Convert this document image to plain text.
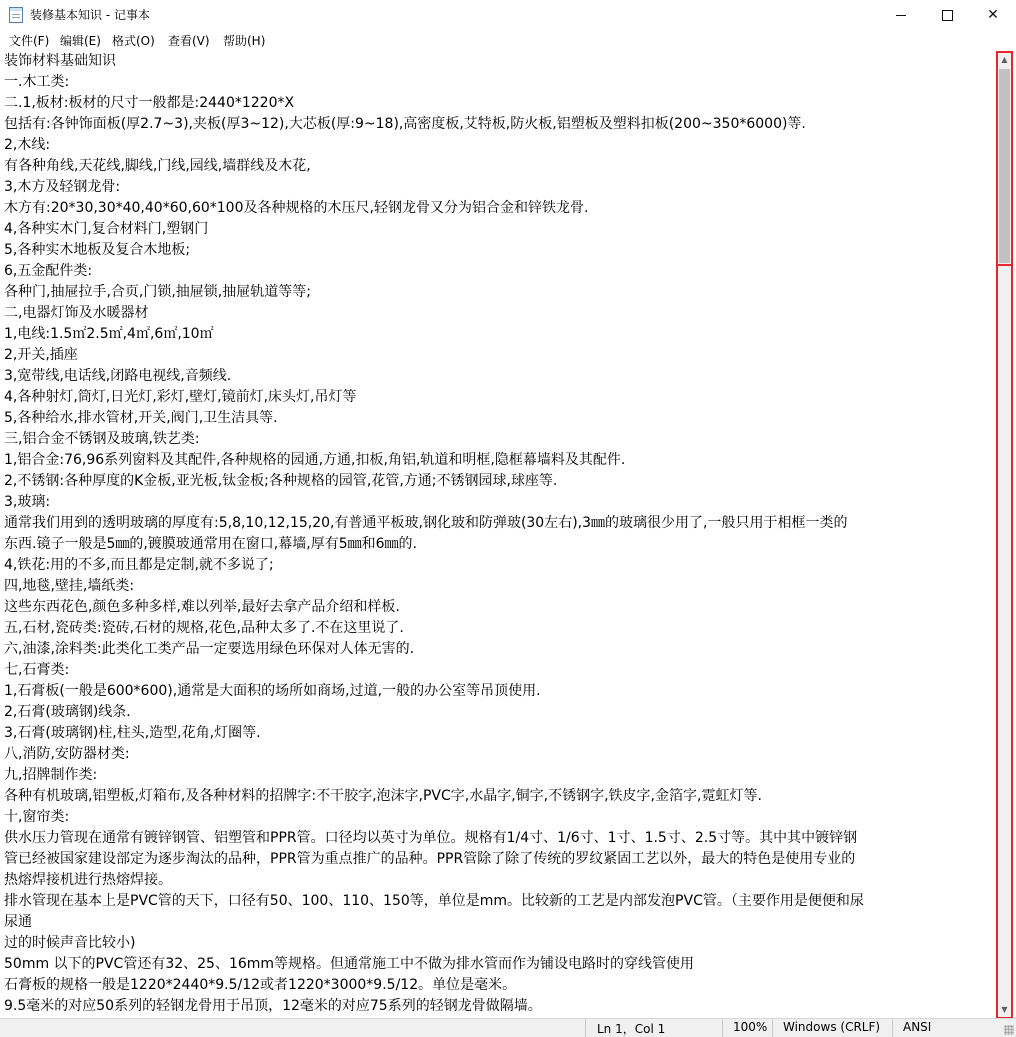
装修基本知识 - 记事本	✕
文件(F) 编辑(E) 格式(O) 查看(V) 帮助(H)
装饰材料基础知识
一.木工类:
二.1,板材:板材的尺寸一般都是:2440*1220*X
包括有:各钟饰面板(厚2.7~3),夹板(厚3~12),大芯板(厚:9~18),高密度板,艾特板,防火板,铝塑板及塑料扣板(200~350*6000)等.
2,木线:
有各种角线,天花线,脚线,门线,园线,墙群线及木花,
3,木方及轻钢龙骨:
木方有:20*30,30*40,40*60,60*100及各种规格的木压尺,轻钢龙骨又分为铝合金和锌铁龙骨.
4,各种实木门,复合材料门,塑钢门
5,各种实木地板及复合木地板;
6,五金配件类:
各种门,抽屉拉手,合页,门锁,抽屉锁,抽屉轨道等等;
二,电器灯饰及水暖器材
1,电线:1.5㎡2.5㎡,4㎡,6㎡,10㎡
2,开关,插座
3,宽带线,电话线,闭路电视线,音频线.
4,各种射灯,筒灯,日光灯,彩灯,壁灯,镜前灯,床头灯,吊灯等
5,各种给水,排水管材,开关,阀门,卫生洁具等.
三,铝合金不锈钢及玻璃,铁艺类:
1,铝合金:76,96系列窗料及其配件,各种规格的园通,方通,扣板,角铝,轨道和明框,隐框幕墙料及其配件.
2,不锈钢:各种厚度的K金板,亚光板,钛金板;各种规格的园管,花管,方通;不锈钢园球,球座等.
3,玻璃:
通常我们用到的透明玻璃的厚度有:5,8,10,12,15,20,有普通平板玻,钢化玻和防弹玻(30左右),3㎜的玻璃很少用了,一般只用于相框一类的
东西.镜子一般是5㎜的,镀膜玻通常用在窗口,幕墙,厚有5㎜和6㎜的.
4,铁花:用的不多,而且都是定制,就不多说了;
四,地毯,壁挂,墙纸类:
这些东西花色,颜色多种多样,难以列举,最好去拿产品介绍和样板.
五,石材,瓷砖类:瓷砖,石材的规格,花色,品种太多了.不在这里说了.
六,油漆,涂料类:此类化工类产品一定要选用绿色环保对人体无害的.
七,石膏类:
1,石膏板(一般是600*600),通常是大面积的场所如商场,过道,一般的办公室等吊顶使用.
2,石膏(玻璃钢)线条.
3,石膏(玻璃钢)柱,柱头,造型,花角,灯圈等.
八,消防,安防器材类:
九,招牌制作类:
各种有机玻璃,铝塑板,灯箱布,及各种材料的招牌字:不干胶字,泡沫字,PVC字,水晶字,铜字,不锈钢字,铁皮字,金箔字,霓虹灯等.
十,窗帘类:
供水压力管现在通常有镀锌钢管、铝塑管和PPR管。口径均以英寸为单位。规格有1/4寸、1/6寸、1寸、1.5寸、2.5寸等。其中其中镀锌钢
管已经被国家建设部定为逐步淘汰的品种，PPR管为重点推广的品种。PPR管除了除了传统的罗纹紧固工艺以外，最大的特色是使用专业的
热熔焊接机进行热熔焊接。
排水管现在基本上是PVC管的天下，口径有50、100、110、150等，单位是mm。比较新的工艺是内部发泡PVC管。（主要作用是便便和尿
尿通
过的时候声音比较小)
50mm 以下的PVC管还有32、25、16mm等规格。但通常施工中不做为排水管而作为铺设电路时的穿线管使用
石膏板的规格一般是1220*2440*9.5/12或者1220*3000*9.5/12。单位是毫米。
9.5毫米的对应50系列的轻钢龙骨用于吊顶，12毫米的对应75系列的轻钢龙骨做隔墙。
▲
▼
Ln 1，Col 1	100% Windows (CRLF) ANSI
